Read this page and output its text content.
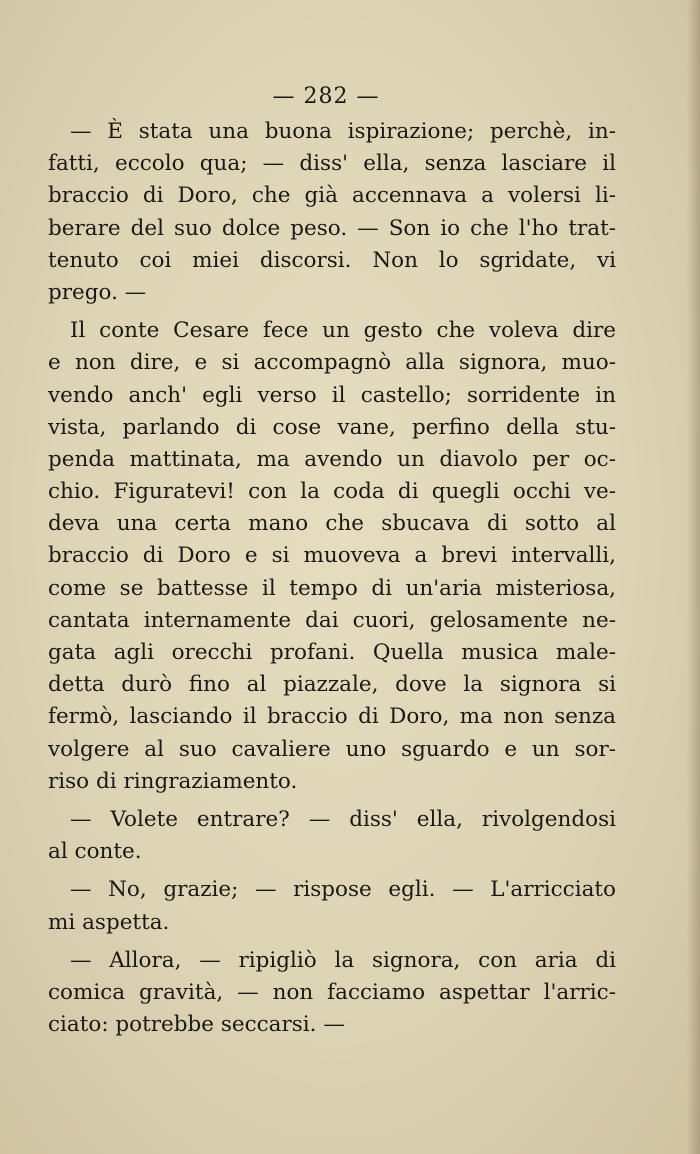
— 282 —
— È stata una buona ispirazione; perchè, in-
fatti, eccolo qua; — diss' ella, senza lasciare il
braccio di Doro, che già accennava a volersi li-
berare del suo dolce peso. — Son io che l'ho trat-
tenuto coi miei discorsi. Non lo sgridate, vi
prego. —
Il conte Cesare fece un gesto che voleva dire
e non dire, e si accompagnò alla signora, muo-
vendo anch' egli verso il castello; sorridente in
vista, parlando di cose vane, perfino della stu-
penda mattinata, ma avendo un diavolo per oc-
chio. Figuratevi! con la coda di quegli occhi ve-
deva una certa mano che sbucava di sotto al
braccio di Doro e si muoveva a brevi intervalli,
come se battesse il tempo di un'aria misteriosa,
cantata internamente dai cuori, gelosamente ne-
gata agli orecchi profani. Quella musica male-
detta durò fino al piazzale, dove la signora si
fermò, lasciando il braccio di Doro, ma non senza
volgere al suo cavaliere uno sguardo e un sor-
riso di ringraziamento.
— Volete entrare? — diss' ella, rivolgendosi
al conte.
— No, grazie; — rispose egli. — L'arricciato
mi aspetta.
— Allora, — ripigliò la signora, con aria di
comica gravità, — non facciamo aspettar l'arric-
ciato: potrebbe seccarsi. —
